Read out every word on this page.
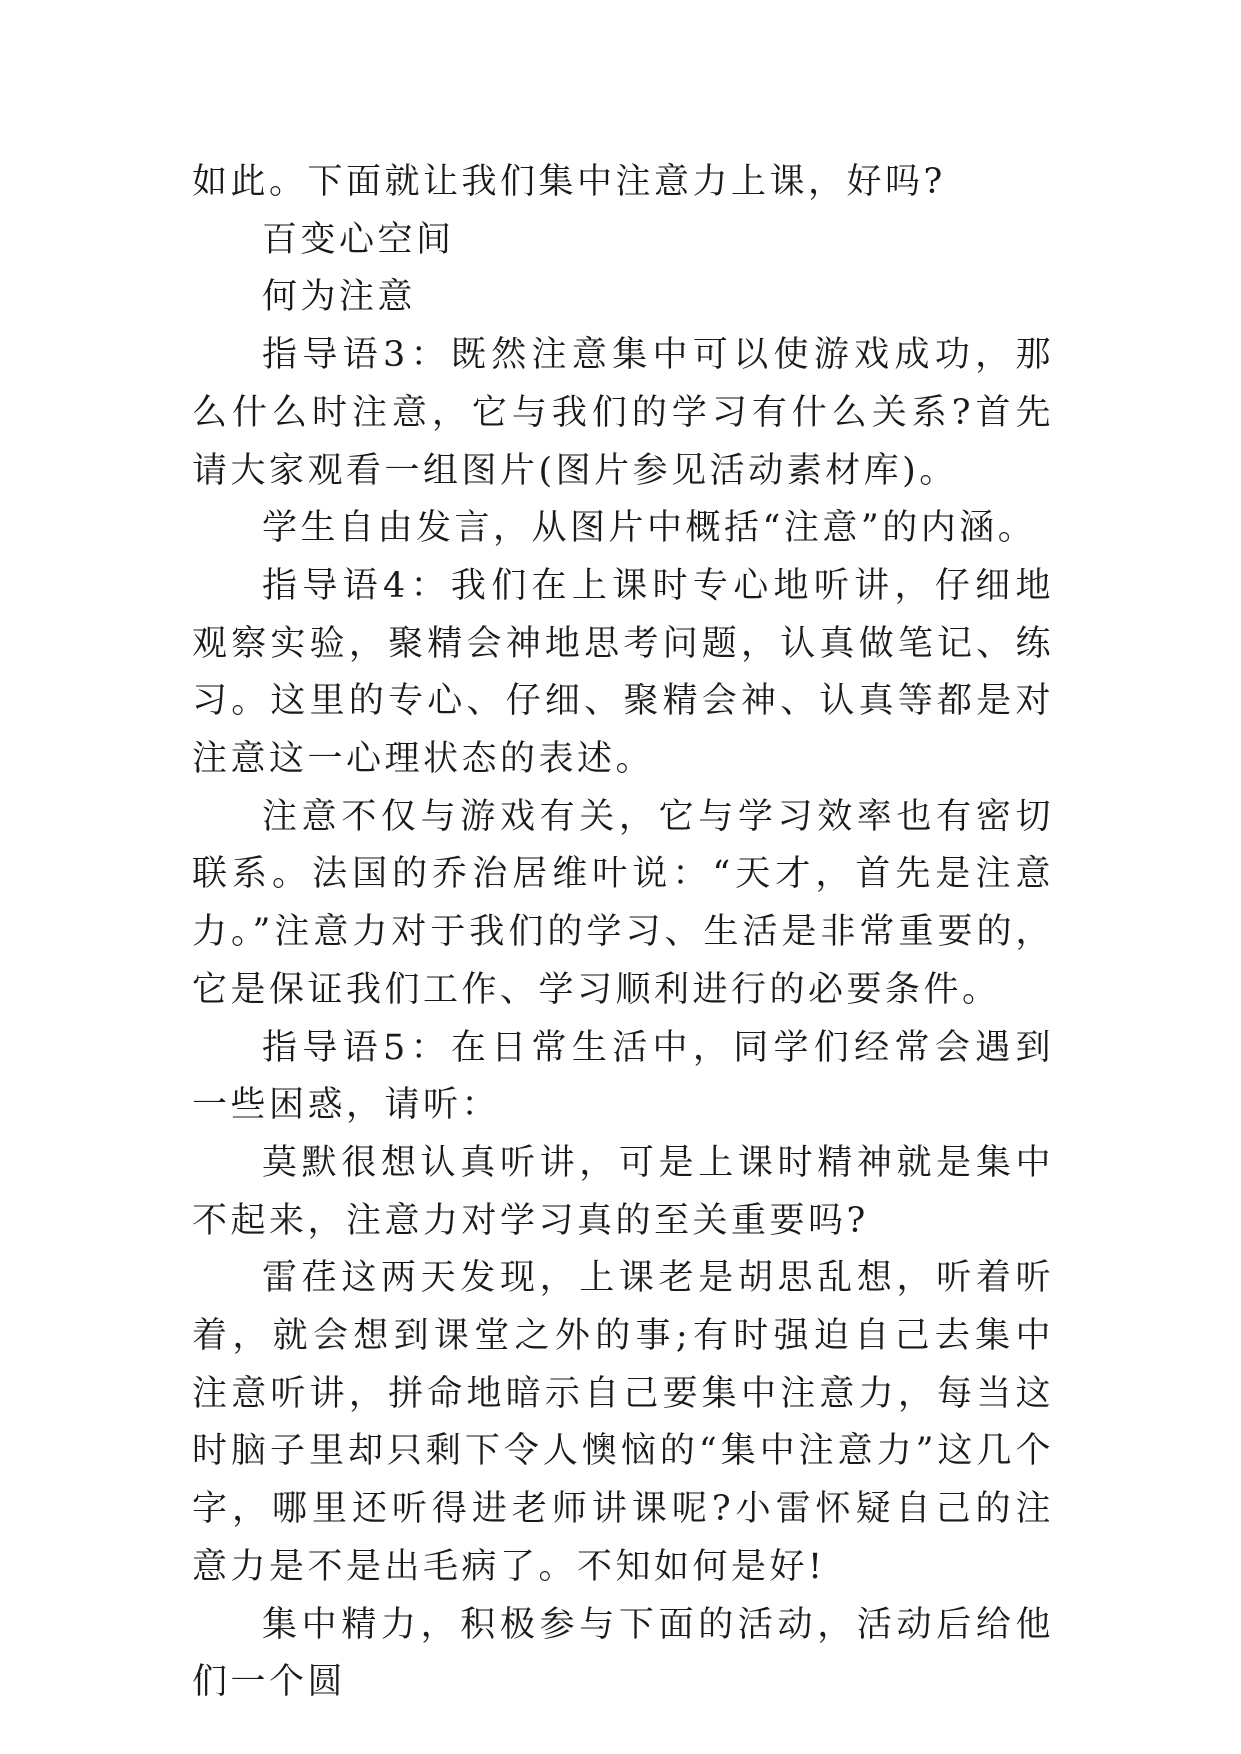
如此。下面就让我们集中注意力上课，好吗?

百变心空间

何为注意

指导语3：既然注意集中可以使游戏成功，那么什么时注意，它与我们的学习有什么关系?首先请大家观看一组图片(图片参见活动素材库)。

学生自由发言，从图片中概括“注意”的内涵。

指导语4：我们在上课时专心地听讲，仔细地观察实验，聚精会神地思考问题，认真做笔记、练习。这里的专心、仔细、聚精会神、认真等都是对注意这一心理状态的表述。

注意不仅与游戏有关，它与学习效率也有密切联系。法国的乔治居维叶说：“天才，首先是注意力。”注意力对于我们的学习、生活是非常重要的，它是保证我们工作、学习顺利进行的必要条件。

指导语5：在日常生活中，同学们经常会遇到一些困惑，请听：

莫默很想认真听讲，可是上课时精神就是集中不起来，注意力对学习真的至关重要吗?

雷荏这两天发现，上课老是胡思乱想，听着听着，就会想到课堂之外的事;有时强迫自己去集中注意听讲，拼命地暗示自己要集中注意力，每当这时脑子里却只剩下令人懊恼的“集中注意力”这几个字，哪里还听得进老师讲课呢?小雷怀疑自己的注意力是不是出毛病了。不知如何是好!

集中精力，积极参与下面的活动，活动后给他们一个圆
